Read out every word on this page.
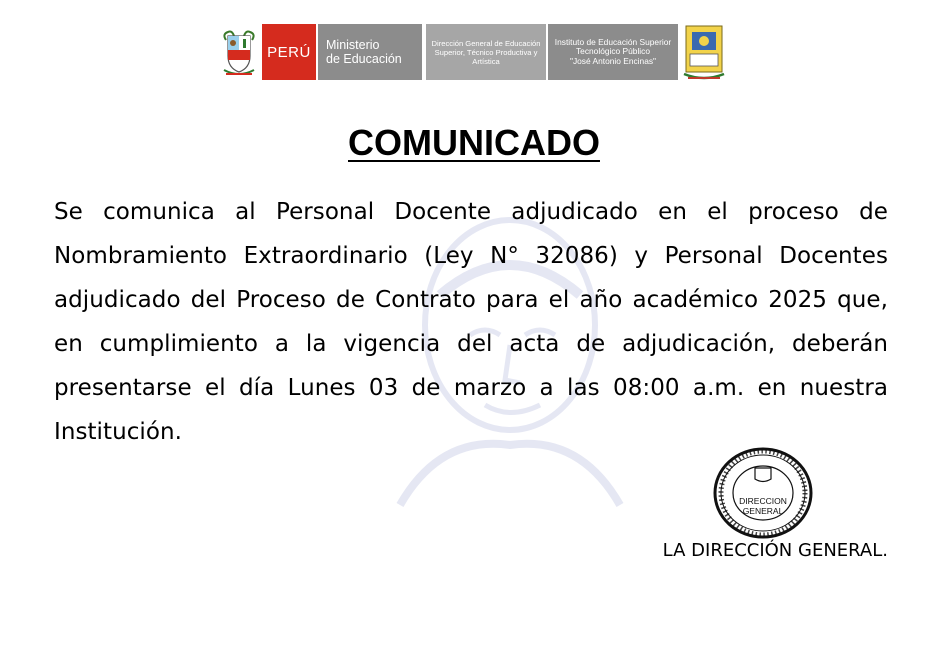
PERÚ	Ministerio
de Educación
Dirección General de Educación
Superior, Técnico Productiva y
Artística
Instituto de Educación Superior
Tecnológico Público
"José Antonio Encinas"
COMUNICADO
Se comunica al Personal Docente adjudicado en el proceso de Nombramiento Extraordinario (Ley N° 32086) y Personal Docentes adjudicado del Proceso de Contrato para el año académico 2025 que, en cumplimiento a la vigencia del acta de adjudicación, deberán presentarse el día Lunes 03 de marzo a las 08:00 a.m. en nuestra Institución.
DIRECCION
GENERAL
LA DIRECCIÓN GENERAL.
